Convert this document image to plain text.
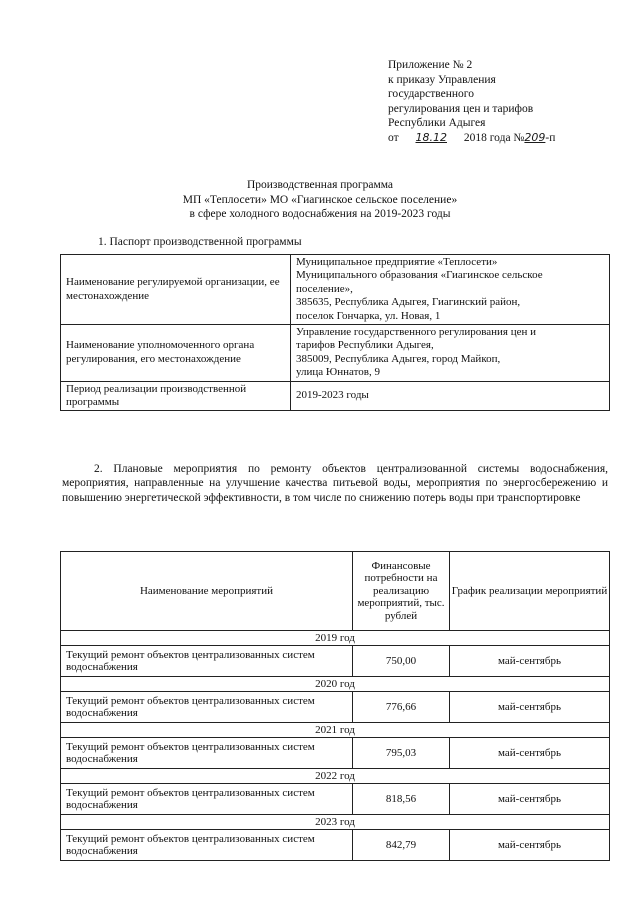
Приложение № 2
к приказу Управления
государственного
регулирования цен и тарифов
Республики Адыгея
от 18.12 2018 года №209-п
Производственная программа
МП «Теплосети» МО «Гиагинское сельское поселение»
в сфере холодного водоснабжения на 2019-2023 годы
1. Паспорт производственной программы
Наименование регулируемой организации, ее местонахождение	Муниципальное предприятие «Теплосети»
Муниципального образования «Гиагинское сельское
поселение»,
385635, Республика Адыгея, Гиагинский район,
поселок Гончарка, ул. Новая, 1

Наименование уполномоченного органа регулирования, его местонахождение	Управление государственного регулирования цен и
тарифов Республики Адыгея,
385009, Республика Адыгея, город Майкоп,
улица Юннатов, 9

Период реализации производственной программы	2019-2023 годы
2. Плановые мероприятия по ремонту объектов централизованной системы водоснабжения, мероприятия, направленные на улучшение качества питьевой воды, мероприятия по энергосбережению и повышению энергетической эффективности, в том числе по снижению потерь воды при транспортировке
Наименование мероприятий	Финансовые потребности на реализацию мероприятий, тыс. рублей	График реализации мероприятий
2019 год		
Текущий ремонт объектов централизованных систем водоснабжения	750,00	май-сентябрь
2020 год		
Текущий ремонт объектов централизованных систем водоснабжения	776,66	май-сентябрь
2021 год		
Текущий ремонт объектов централизованных систем водоснабжения	795,03	май-сентябрь
2022 год		
Текущий ремонт объектов централизованных систем водоснабжения	818,56	май-сентябрь
2023 год		
Текущий ремонт объектов централизованных систем водоснабжения	842,79	май-сентябрь
